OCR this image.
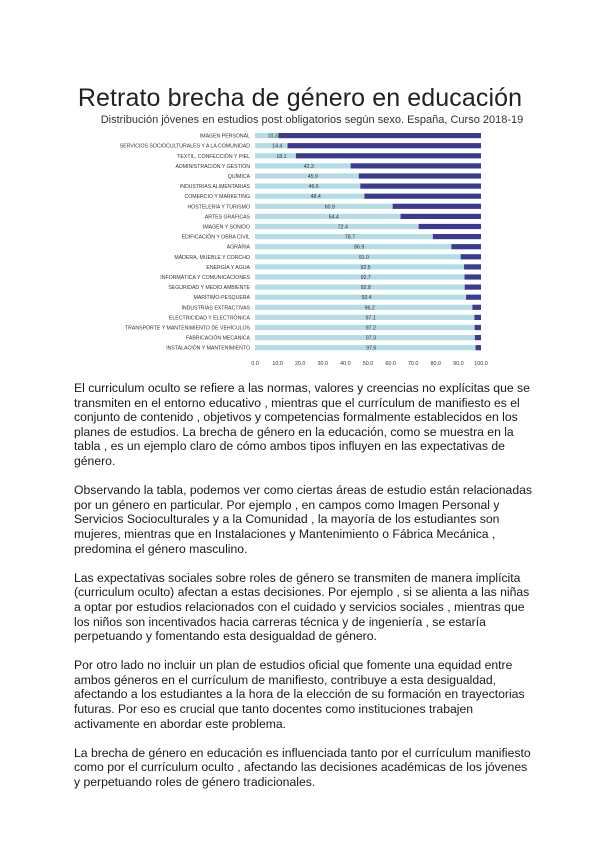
Retrato brecha de género en educación
Distribución jóvenes en estudios post obligatorios según sexo. España, Curso 2018-19
IMAGEN PERSONAL	10.3
SERVICIOS SOCIOCULTURALES Y A LA COMUNIDAD	14.4
TEXTIL, CONFECCIÓN Y PIEL	18.1
ADMINISTRACIÓN Y GESTIÓN	42.3
QUÍMICA	45.9
INDUSTRIAS ALIMENTARIAS	46.6
COMERCIO Y MARKETING	48.4
HOSTELERÍA Y TURISMO	60.9
ARTES GRÁFICAS	64.4
IMAGEN Y SONIDO	72.4
EDIFICACIÓN Y OBRA CIVIL	78.7
AGRARIA	86.9
MADERA, MUEBLE Y CORCHO	91.0
ENERGÍA Y AGUA	92.5
INFORMÁTICA Y COMUNICACIONES	92.7
SEGURIDAD Y MEDIO AMBIENTE	92.8
MARÍTIMO-PESQUERA	93.4
INDUSTRIAS EXTRACTIVAS	96.2
ELECTRICIDAD Y ELECTRÓNICA	97.1
TRANSPORTE Y MANTENIMIENTO DE VEHÍCULOS	97.2
FABRICACIÓN MECÁNICA	97.3
INSTALACIÓN Y MANTENIMIENTO	97.6
0.0	10.0 20.0 30.0 40.0 50.0 60.0 70.0 80.0 90.0 100.0

El curriculum oculto se refiere a las normas, valores y creencias no explícitas que se transmiten en el entorno educativo , mientras que el currículum de manifiesto es el conjunto de contenido , objetivos y competencias formalmente establecidos en los planes de estudios. La brecha de género en la educación, como se muestra en la tabla , es un ejemplo claro de cómo ambos tipos influyen en las expectativas de género.

Observando la tabla, podemos ver como ciertas áreas de estudio están relacionadas por un género en particular. Por ejemplo , en campos como Imagen Personal y Servicios Socioculturales y a la Comunidad , la mayoría de los estudiantes son mujeres, mientras que en Instalaciones y Mantenimiento o Fábrica Mecánica , predomina el género masculino.

Las expectativas sociales sobre roles de género se transmiten de manera implícita (curriculum oculto) afectan a estas decisiones. Por ejemplo , si se alienta a las niñas a optar por estudios relacionados con el cuidado y servicios sociales , mientras que los niños son incentivados hacia carreras técnica y de ingeniería , se estaría perpetuando y fomentando esta desigualdad de género.

Por otro lado no incluir un plan de estudios oficial que fomente una equidad entre ambos géneros en el currículum de manifiesto, contribuye a esta desigualdad, afectando a los estudiantes a la hora de la elección de su formación en trayectorias futuras. Por eso es crucial que tanto docentes como instituciones trabajen activamente en abordar este problema.

La brecha de género en educación es influenciada tanto por el currículum manifiesto como por el currículum oculto , afectando las decisiones académicas de los jóvenes y perpetuando roles de género tradicionales.
